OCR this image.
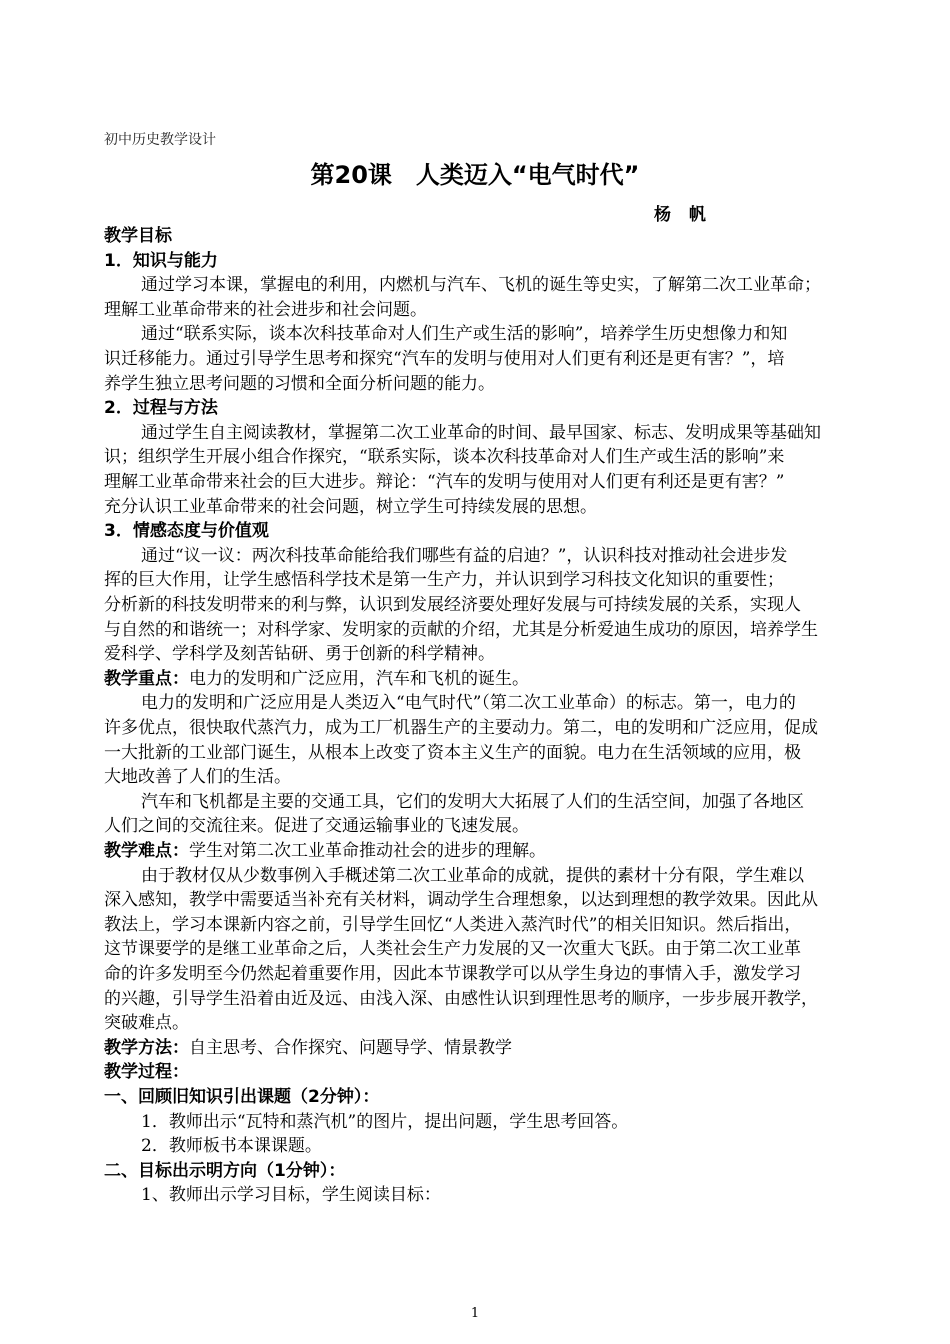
初中历史教学设计
第20课　人类迈入“电气时代”
杨 帆
教学目标
1．知识与能力
通过学习本课，掌握电的利用，内燃机与汽车、飞机的诞生等史实，了解第二次工业革命；
理解工业革命带来的社会进步和社会问题。
通过“联系实际，谈本次科技革命对人们生产或生活的影响”，培养学生历史想像力和知
识迁移能力。通过引导学生思考和探究“汽车的发明与使用对人们更有利还是更有害？”，培
养学生独立思考问题的习惯和全面分析问题的能力。
2．过程与方法
通过学生自主阅读教材，掌握第二次工业革命的时间、最早国家、标志、发明成果等基础知
识；组织学生开展小组合作探究，“联系实际，谈本次科技革命对人们生产或生活的影响”来
理解工业革命带来社会的巨大进步。辩论：“汽车的发明与使用对人们更有利还是更有害？”
充分认识工业革命带来的社会问题，树立学生可持续发展的思想。
3．情感态度与价值观
通过“议一议：两次科技革命能给我们哪些有益的启迪？”，认识科技对推动社会进步发
挥的巨大作用，让学生感悟科学技术是第一生产力，并认识到学习科技文化知识的重要性；
分析新的科技发明带来的利与弊，认识到发展经济要处理好发展与可持续发展的关系，实现人
与自然的和谐统一；对科学家、发明家的贡献的介绍，尤其是分析爱迪生成功的原因，培养学生
爱科学、学科学及刻苦钻研、勇于创新的科学精神。
教学重点：电力的发明和广泛应用，汽车和飞机的诞生。
电力的发明和广泛应用是人类迈入“电气时代”（第二次工业革命）的标志。第一，电力的
许多优点，很快取代蒸汽力，成为工厂机器生产的主要动力。第二，电的发明和广泛应用，促成
一大批新的工业部门诞生，从根本上改变了资本主义生产的面貌。电力在生活领域的应用，极
大地改善了人们的生活。
汽车和飞机都是主要的交通工具，它们的发明大大拓展了人们的生活空间，加强了各地区
人们之间的交流往来。促进了交通运输事业的飞速发展。
教学难点：学生对第二次工业革命推动社会的进步的理解。
由于教材仅从少数事例入手概述第二次工业革命的成就，提供的素材十分有限，学生难以
深入感知，教学中需要适当补充有关材料，调动学生合理想象，以达到理想的教学效果。因此从
教法上，学习本课新内容之前，引导学生回忆“人类进入蒸汽时代”的相关旧知识。然后指出，
这节课要学的是继工业革命之后，人类社会生产力发展的又一次重大飞跃。由于第二次工业革
命的许多发明至今仍然起着重要作用，因此本节课教学可以从学生身边的事情入手，激发学习
的兴趣，引导学生沿着由近及远、由浅入深、由感性认识到理性思考的顺序，一步步展开教学，
突破难点。
教学方法：自主思考、合作探究、问题导学、情景教学
教学过程：
一、回顾旧知识引出课题（2分钟）：
1．教师出示“瓦特和蒸汽机”的图片，提出问题，学生思考回答。
2．教师板书本课课题。
二、目标出示明方向（1分钟）：
1、教师出示学习目标，学生阅读目标：
1
